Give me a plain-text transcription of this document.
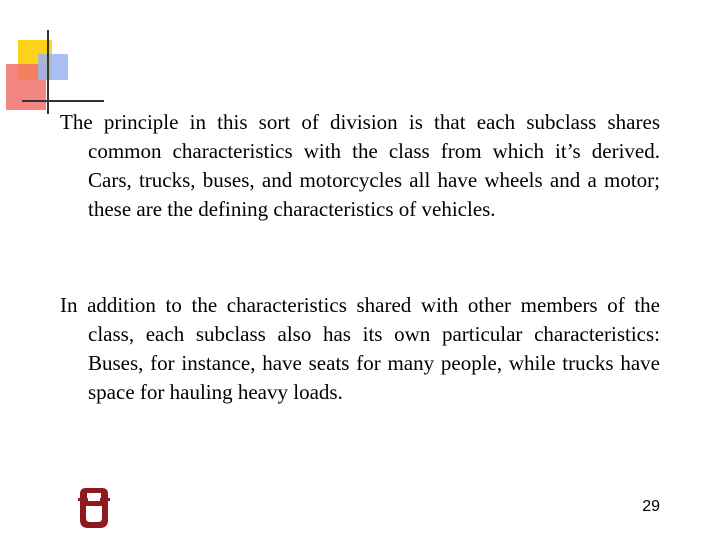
The principle in this sort of division is that each subclass shares common characteristics with the class from which it’s derived. Cars, trucks, buses, and motorcycles all have wheels and a motor; these are the defining characteristics of vehicles.

In addition to the characteristics shared with other members of the class, each subclass also has its own particular characteristics: Buses, for instance, have seats for many people, while trucks have space for hauling heavy loads.

29
